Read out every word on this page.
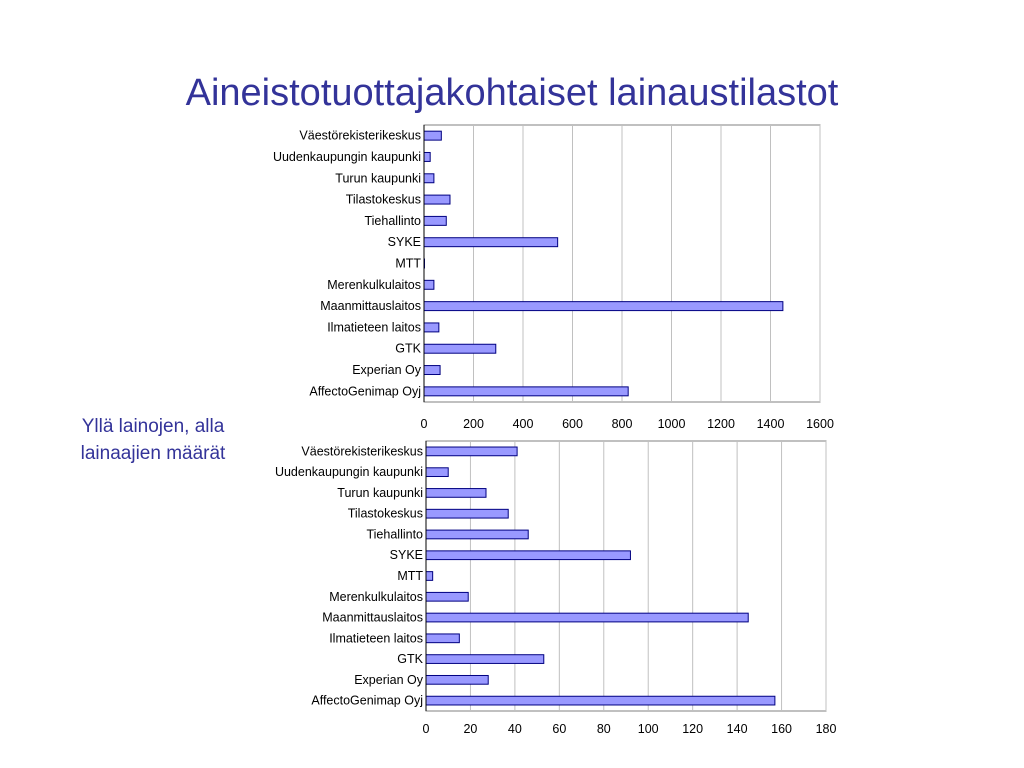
Aineistotuottajakohtaiset lainaustilastot
Yllä lainojen, alla
lainaajien määrät
0	200 400 600 800 1000 1200 1400 1600
Väestörekisterikeskus
Uudenkaupungin kaupunki
Turun kaupunki
Tilastokeskus
Tiehallinto
SYKE
MTT
Merenkulkulaitos
Maanmittauslaitos
Ilmatieteen laitos
GTK
Experian Oy
AffectoGenimap Oyj
0	20 40 60 80 100 120 140 160 180
Väestörekisterikeskus
Uudenkaupungin kaupunki
Turun kaupunki
Tilastokeskus
Tiehallinto
SYKE
MTT
Merenkulkulaitos
Maanmittauslaitos
Ilmatieteen laitos
GTK
Experian Oy
AffectoGenimap Oyj
